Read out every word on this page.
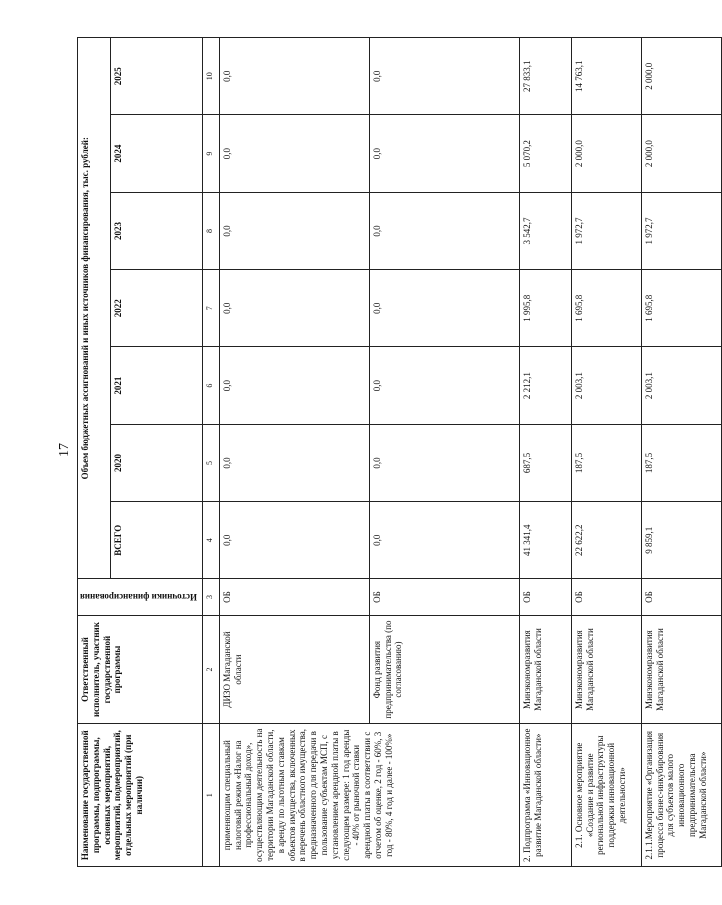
17
Наименование государственной программы, подпрограммы, основных мероприятий, мероприятий, подмероприятий, отдельных мероприятий (при наличии)	Ответственный исполнитель, участник государственной программы	Источники финансирования	Объем бюджетных ассигнований и иных источников финансирования, тыс. рублей:						
			ВСЕГО	2020	2021	2022	2023	2024	2025
1	2	3	4	5	6	7	8	9	10
применяющим специальный налоговый режим «Налог на профессиональный доход», осуществляющим деятельность на территории Магаданской области, в аренду по льготным ставкам объектов имущества, включенных в перечень областного имущества, предназначенного для передачи в пользование субъектам МСП, с установлением арендной платы в следующем размере: 1 год аренды - 40% от рыночной ставки арендной платы в соответствии с отчетом об оценке, 2 год - 60%, 3 год - 80%, 4 год и далее - 100%»	ДИЗО Магаданской области	ОБ	0,0	0,0	0,0	0,0	0,0	0,0	0,0
	Фонд развития предпринимательства (по согласованию)	ОБ	0,0	0,0	0,0	0,0	0,0	0,0	0,0
2. Подпрограмма «Инновационное развитие Магаданской области»	Минэкономразвития Магаданской области	ОБ	41 341,4	687,5	2 212,1	1 995,8	3 542,7	5 070,2	27 833,1
2.1. Основное мероприятие «Создание и развитие региональной инфраструктуры поддержки инновационной деятельности»	Минэкономразвития Магаданской области	ОБ	22 622,2	187,5	2 003,1	1 695,8	1 972,7	2 000,0	14 763,1
2.1.1.Мероприятие «Организация процесса бизнес-инкубирования для субъектов малого инновационного предпринимательства Магаданской области»	Минэкономразвития Магаданской области	ОБ	9 859,1	187,5	2 003,1	1 695,8	1 972,7	2 000,0	2 000,0
